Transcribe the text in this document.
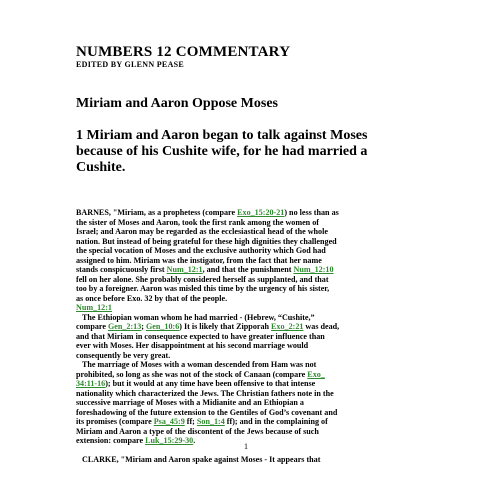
NUMBERS 12 COMMENTARY
EDITED BY GLENN PEASE
Miriam and Aaron Oppose Moses
1 Miriam and Aaron began to talk against Moses
because of his Cushite wife, for he had married a
Cushite.
BARNES, "Miriam, as a prophetess (compare Exo_15:20-21) no less than as
the sister of Moses and Aaron, took the first rank among the women of
Israel; and Aaron may be regarded as the ecclesiastical head of the whole
nation. But instead of being grateful for these high dignities they challenged
the special vocation of Moses and the exclusive authority which God had
assigned to him. Miriam was the instigator, from the fact that her name
stands conspicuously first Num_12:1, and that the punishment Num_12:10
fell on her alone. She probably considered herself as supplanted, and that
too by a foreigner. Aaron was misled this time by the urgency of his sister,
as once before Exo. 32 by that of the people.
Num_12:1
The Ethiopian woman whom he had married - (Hebrew, “Cushite,”
compare Gen_2:13; Gen_10:6) It is likely that Zipporah Exo_2:21 was dead,
and that Miriam in consequence expected to have greater influence than
ever with Moses. Her disappointment at his second marriage would
consequently be very great.
The marriage of Moses with a woman descended from Ham was not
prohibited, so long as she was not of the stock of Canaan (compare Exo_
34:11-16); but it would at any time have been offensive to that intense
nationality which characterized the Jews. The Christian fathers note in the
successive marriage of Moses with a Midianite and an Ethiopian a
foreshadowing of the future extension to the Gentiles of God’s covenant and
its promises (compare Psa_45:9 ff; Son_1:4 ff); and in the complaining of
Miriam and Aaron a type of the discontent of the Jews because of such
extension: compare Luk_15:29-30.
CLARKE, "Miriam and Aaron spake against Moses - It appears that
1
